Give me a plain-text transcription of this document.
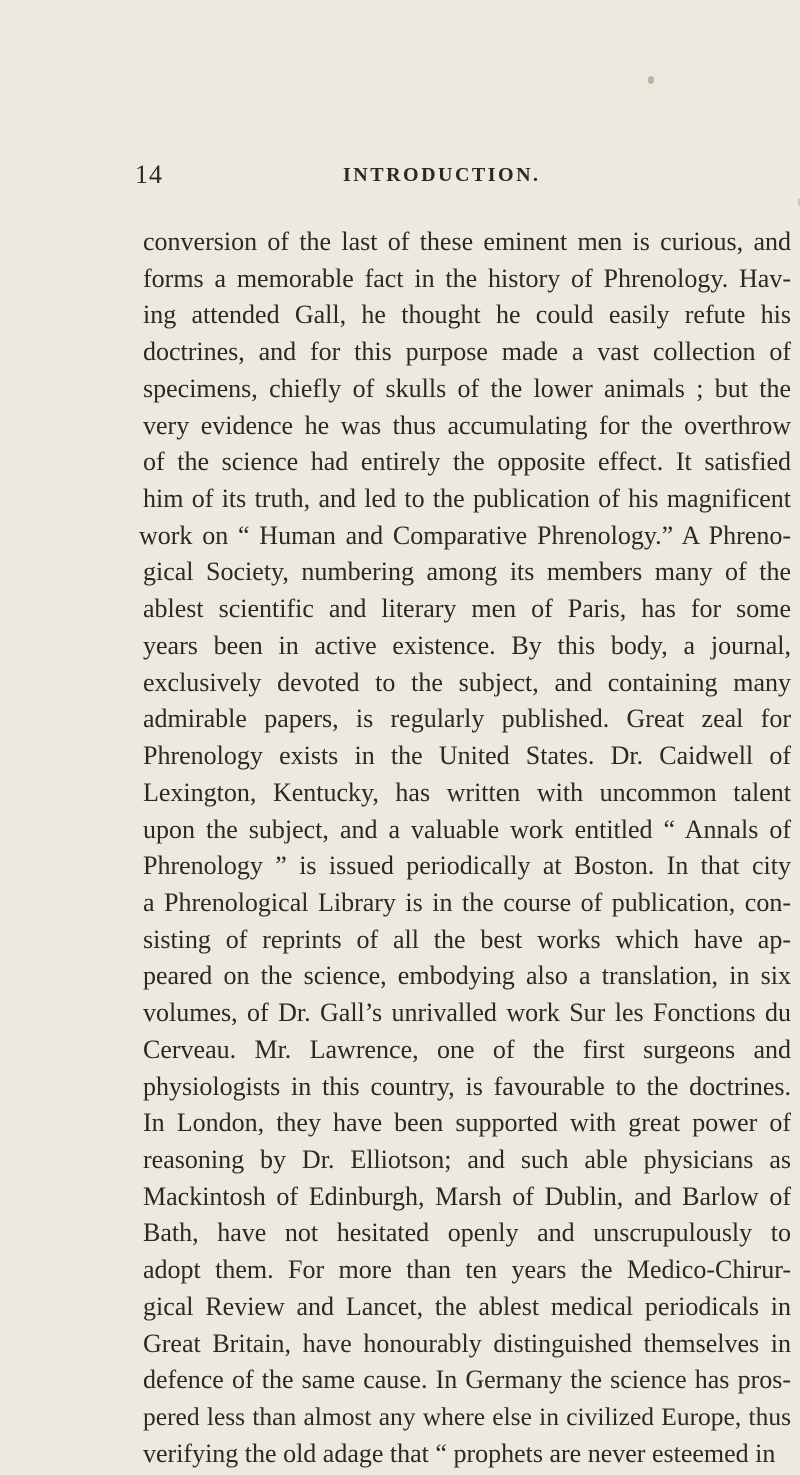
14	INTRODUCTION.
conversion of the last of these eminent men is curious, and
forms a memorable fact in the history of Phrenology. Hav-
ing attended Gall, he thought he could easily refute his
doctrines, and for this purpose made a vast collection of
specimens, chiefly of skulls of the lower animals ; but the
very evidence he was thus accumulating for the overthrow
of the science had entirely the opposite effect. It satisfied
him of its truth, and led to the publication of his magnificent
work on “ Human and Comparative Phrenology.” A Phreno-
gical Society, numbering among its members many of the
ablest scientific and literary men of Paris, has for some
years been in active existence. By this body, a journal,
exclusively devoted to the subject, and containing many
admirable papers, is regularly published. Great zeal for
Phrenology exists in the United States. Dr. Caidwell of
Lexington, Kentucky, has written with uncommon talent
upon the subject, and a valuable work entitled “ Annals of
Phrenology ” is issued periodically at Boston. In that city
a Phrenological Library is in the course of publication, con-
sisting of reprints of all the best works which have ap-
peared on the science, embodying also a translation, in six
volumes, of Dr. Gall’s unrivalled work Sur les Fonctions du
Cerveau. Mr. Lawrence, one of the first surgeons and
physiologists in this country, is favourable to the doctrines.
In London, they have been supported with great power of
reasoning by Dr. Elliotson; and such able physicians as
Mackintosh of Edinburgh, Marsh of Dublin, and Barlow of
Bath, have not hesitated openly and unscrupulously to
adopt them. For more than ten years the Medico-Chirur-
gical Review and Lancet, the ablest medical periodicals in
Great Britain, have honourably distinguished themselves in
defence of the same cause. In Germany the science has pros-
pered less than almost any where else in civilized Europe, thus
verifying the old adage that “ prophets are never esteemed in
